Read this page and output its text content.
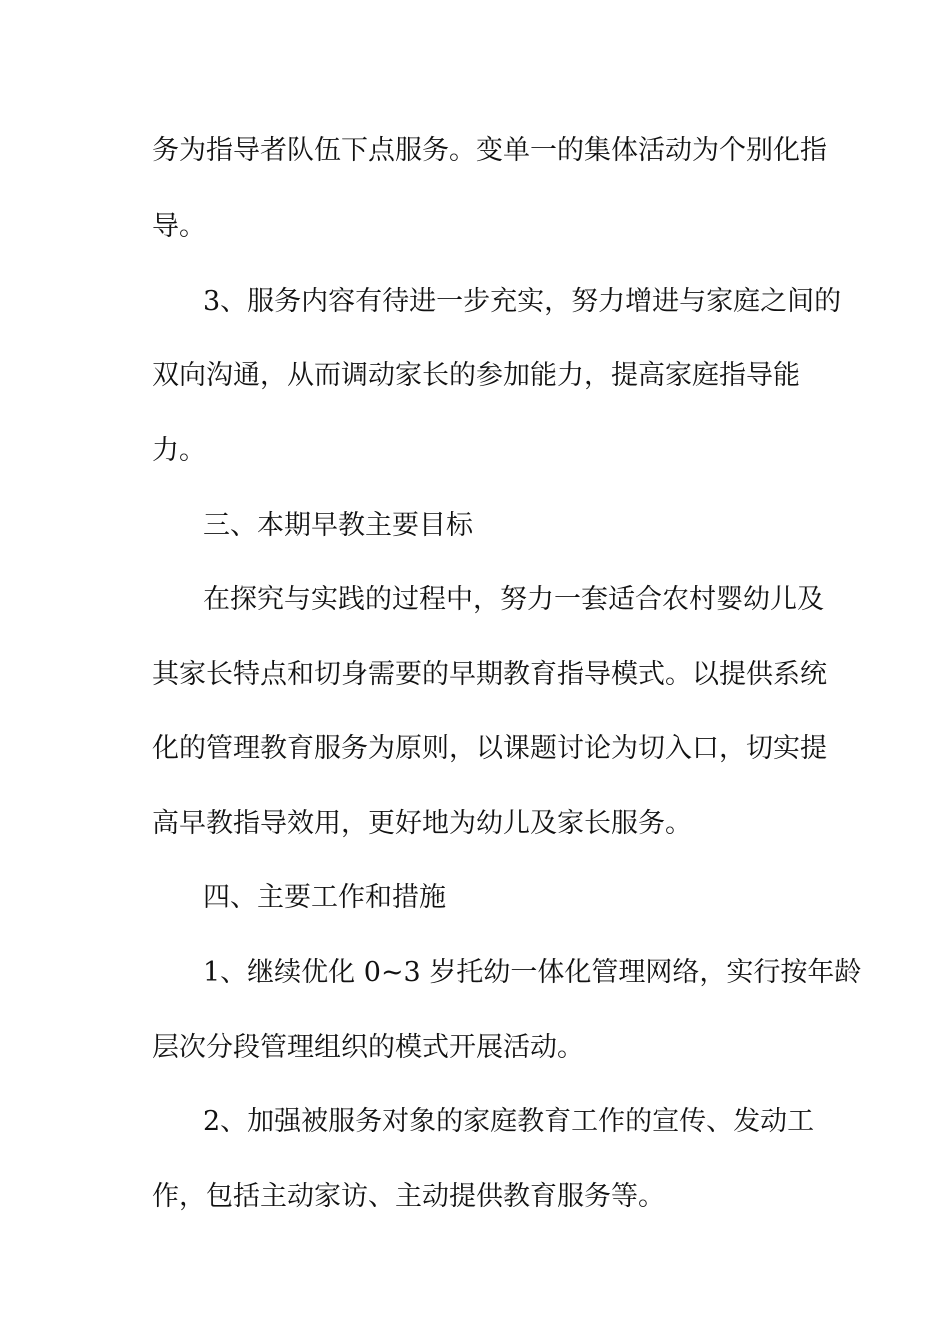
务为指导者队伍下点服务。变单一的集体活动为个别化指
导。
3、服务内容有待进一步充实，努力增进与家庭之间的
双向沟通，从而调动家长的参加能力，提高家庭指导能
力。
三、本期早教主要目标
在探究与实践的过程中，努力一套适合农村婴幼儿及
其家长特点和切身需要的早期教育指导模式。以提供系统
化的管理教育服务为原则，以课题讨论为切入口，切实提
高早教指导效用，更好地为幼儿及家长服务。
四、主要工作和措施
1、继续优化 0~3 岁托幼一体化管理网络，实行按年龄
层次分段管理组织的模式开展活动。
2、加强被服务对象的家庭教育工作的宣传、发动工
作，包括主动家访、主动提供教育服务等。
